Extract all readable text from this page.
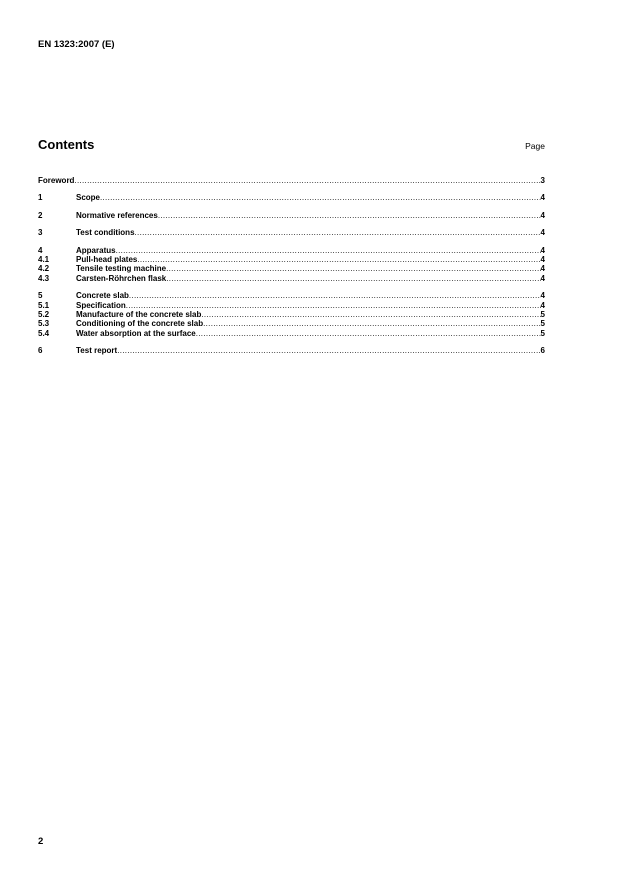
EN 1323:2007 (E)
Contents	Page
Foreword .....	3
1	Scope .....	4
2	Normative references .....	4
3	Test conditions .....	4
4	Apparatus .....	4
4.1	Pull-head plates .....	4
4.2	Tensile testing machine .....	4
4.3	Carsten-Röhrchen flask .....	4
5	Concrete slab .....	4
5.1	Specification .....	4
5.2	Manufacture of the concrete slab .....	5
5.3	Conditioning of the concrete slab .....	5
5.4	Water absorption at the surface .....	5
6	Test report .....	6
2
